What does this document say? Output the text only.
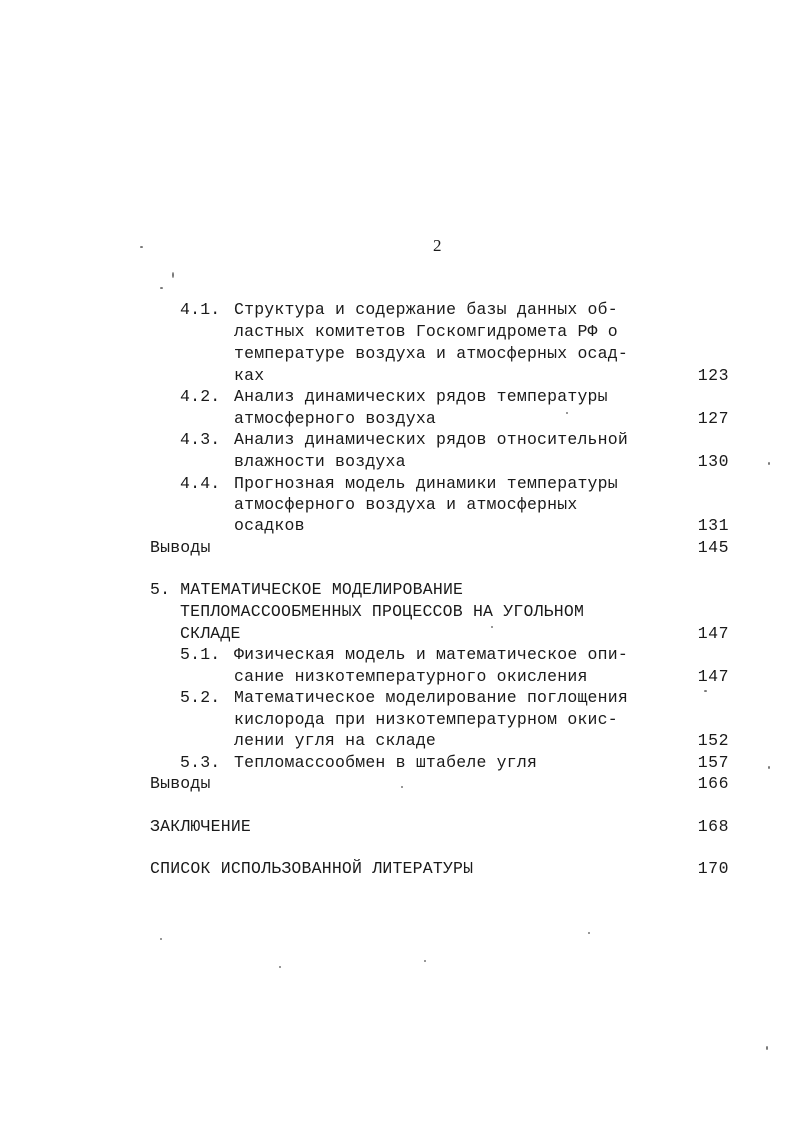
2
4.1. Структура и содержание базы данных об-
ластных комитетов Госкомгидромета РФ о
температуре воздуха и атмосферных осад-
ках	123
4.2. Анализ динамических рядов температуры
атмосферного воздуха	127
4.3. Анализ динамических рядов относительной
влажности воздуха	130
4.4. Прогнозная модель динамики температуры
атмосферного воздуха и атмосферных
осадков	131
Выводы	145
5. МАТЕМАТИЧЕСКОЕ МОДЕЛИРОВАНИЕ
ТЕПЛОМАССООБМЕННЫХ ПРОЦЕССОВ НА УГОЛЬНОМ
СКЛАДЕ	147
5.1. Физическая модель и математическое опи-
сание низкотемпературного окисления	147
5.2. Математическое моделирование поглощения
кислорода при низкотемпературном окис-
лении угля на складе	152
5.3. Тепломассообмен в штабеле угля	157
Выводы	166
ЗАКЛЮЧЕНИЕ	168
СПИСОК ИСПОЛЬЗОВАННОЙ ЛИТЕРАТУРЫ	170
